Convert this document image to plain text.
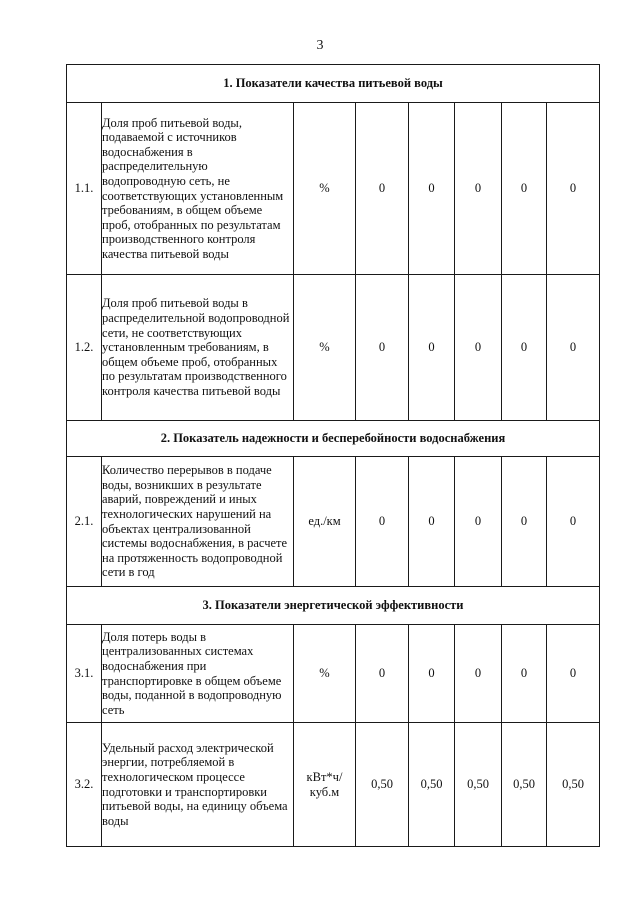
3
1. Показатели качества питьевой воды							
1.1.	Доля проб питьевой воды, подаваемой с источников водоснабжения в распределительную водопроводную сеть, не соответствующих установленным требованиям, в общем объеме проб, отобранных по результатам производственного контроля качества питьевой воды	%	0	0	0	0	0
1.2.	Доля проб питьевой воды в распределительной водопроводной сети, не соответствующих установленным требованиям, в общем объеме проб, отобранных по результатам производственного контроля качества питьевой воды	%	0	0	0	0	0
2. Показатель надежности и бесперебойности водоснабжения							
2.1.	Количество перерывов в подаче воды, возникших в результате аварий, повреждений и иных технологических нарушений на объектах централизованной системы водоснабжения, в расчете на протяженность водопроводной сети в год	ед./км	0	0	0	0	0
3. Показатели энергетической эффективности							
3.1.	Доля потерь воды в централизованных системах водоснабжения при транспортировке в общем объеме воды, поданной в водопроводную сеть	%	0	0	0	0	0
3.2.	Удельный расход электрической энергии, потребляемой в технологическом процессе подготовки и транспортировки питьевой воды, на единицу объема воды	кВт*ч/ куб.м	0,50	0,50	0,50	0,50	0,50
